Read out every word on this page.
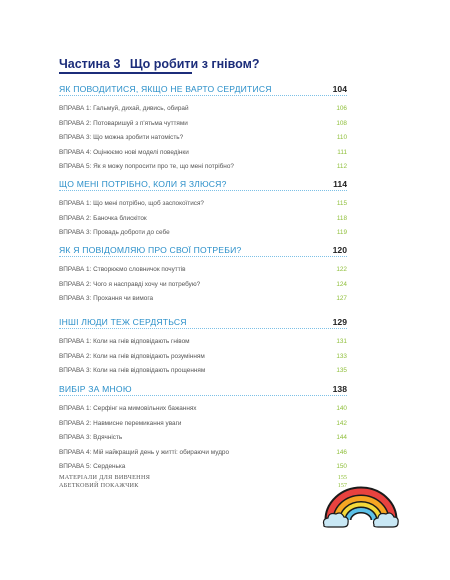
Частина 3 Що робити з гнівом?
ЯК ПОВОДИТИСЯ, ЯКЩО НЕ ВАРТО СЕРДИТИСЯ	104
ВПРАВА 1: Гальмуй, дихай, дивись, обирай	106
ВПРАВА 2: Потоваришуй з п'ятьма чуттями	108
ВПРАВА 3: Що можна зробити натомість?	110
ВПРАВА 4: Оцінюємо нові моделі поведінки	111
ВПРАВА 5: Як я можу попросити про те, що мені потрібно?	112
ЩО МЕНІ ПОТРІБНО, КОЛИ Я ЗЛЮСЯ?	114
ВПРАВА 1: Що мені потрібно, щоб заспокоїтися?	115
ВПРАВА 2: Баночка блискіток	118
ВПРАВА 3: Провадь доброти до себе	119
ЯК Я ПОВІДОМЛЯЮ ПРО СВОЇ ПОТРЕБИ?	120
ВПРАВА 1: Створюємо словничок почуттів	122
ВПРАВА 2: Чого я насправді хочу чи потребую?	124
ВПРАВА 3: Прохання чи вимога	127
ІНШІ ЛЮДИ ТЕЖ СЕРДЯТЬСЯ	129
ВПРАВА 1: Коли на гнів відповідають гнівом	131
ВПРАВА 2: Коли на гнів відповідають розумінням	133
ВПРАВА 3: Коли на гнів відповідають прощенням	135
ВИБІР ЗА МНОЮ	138
ВПРАВА 1: Серфінг на мимовільних бажаннях	140
ВПРАВА 2: Навмисне перемикання уваги	142
ВПРАВА 3: Вдячність	144
ВПРАВА 4: Мій найкращий день у житті: обираючи мудро	146
ВПРАВА 5: Серденька	150
МАТЕРІАЛИ ДЛЯ ВИВЧЕННЯ	155
АБЕТКОВИЙ ПОКАЖЧИК	157
